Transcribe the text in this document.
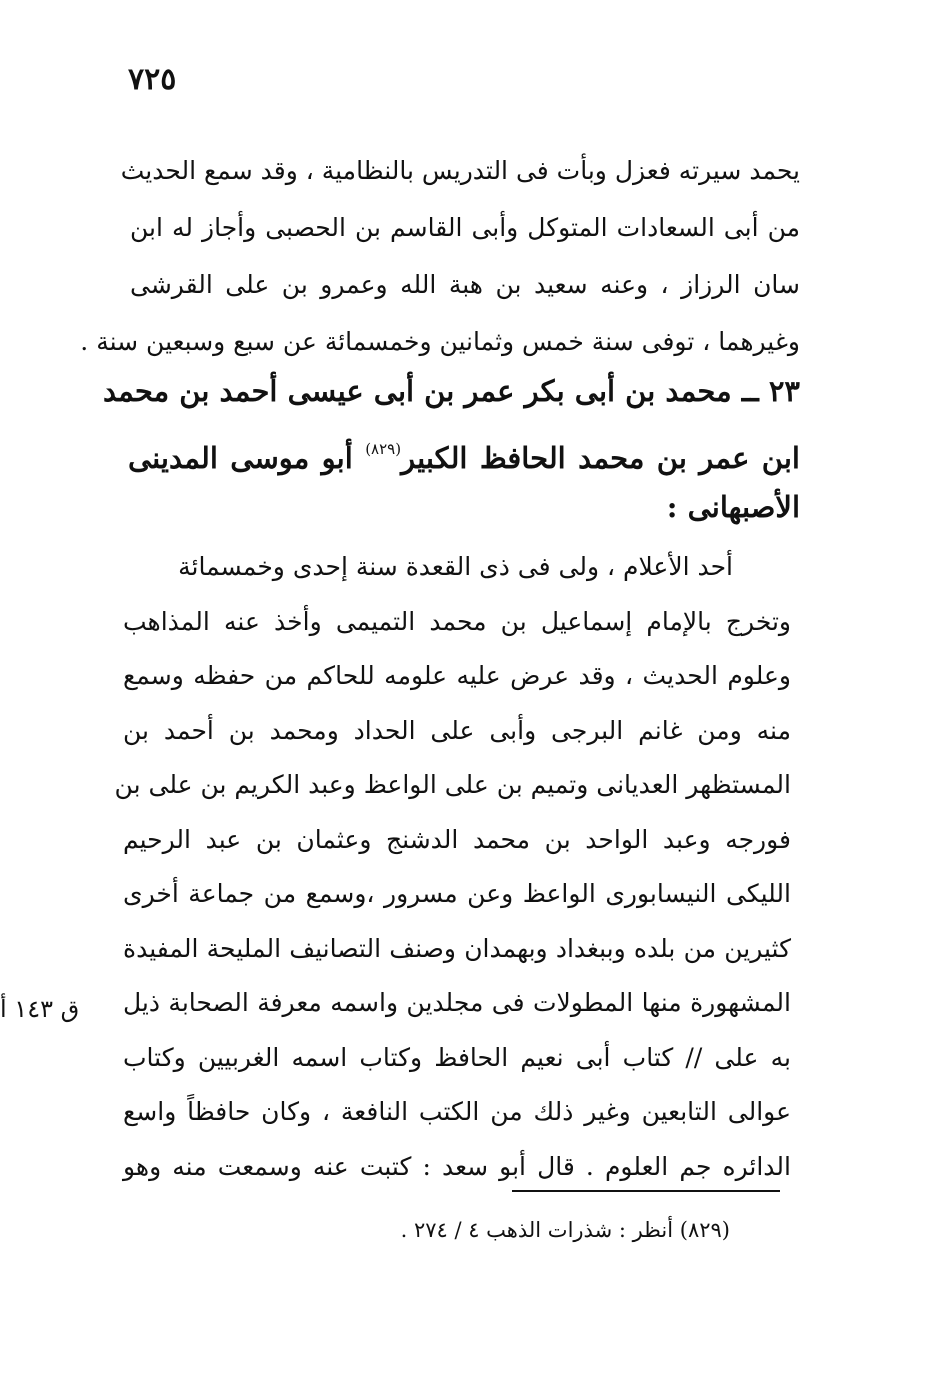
٧٢٥
يحمد سيرته فعزل وبأت فى التدريس بالنظامية ، وقد سمع الحديث
من أبى السعادات المتوكل وأبى القاسم بن الحصبى وأجاز له ابن
سان الرزاز ، وعنه سعيد بن هبة الله وعمرو بن على القرشى
وغيرهما ، توفى سنة خمس وثمانين وخمسمائة عن سبع وسبعين سنة .
٢٣ ــ محمد بن أبى بكر عمر بن أبى عيسى أحمد بن محمد
ابن عمر بن محمد الحافظ الكبير$^{(٨٢٩)}$ أبو موسى المدينى
الأصبهانى :
أحد الأعلام ، ولى فى ذى القعدة سنة إحدى وخمسمائة
وتخرج بالإمام إسماعيل بن محمد التميمى وأخذ عنه المذاهب
وعلوم الحديث ، وقد عرض عليه علومه للحاكم من حفظه وسمع
منه ومن غانم البرجى وأبى على الحداد ومحمد بن أحمد بن
المستظهر العديانى وتميم بن على الواعظ وعبد الكريم بن على بن
فورجه وعبد الواحد بن محمد الدشنج وعثمان بن عبد الرحيم
الليكى النيسابورى الواعظ وعن مسرور ،وسمع من جماعة أخرى
كثيرين من بلده وببغداد وبهمدان وصنف التصانيف المليحة المفيدة
المشهورة منها المطولات فى مجلدين واسمه معرفة الصحابة ذيل
به على // كتاب أبى نعيم الحافظ وكتاب اسمه الغربيين وكتاب
عوالى التابعين وغير ذلك من الكتب النافعة ، وكان حافظاً واسع
الدائره جم العلوم . قال أبو سعد : كتبت عنه وسمعت منه وهو
ق ١٤٣ أ
(٨٢٩) أنظر : شذرات الذهب ٤ / ٢٧٤ .
